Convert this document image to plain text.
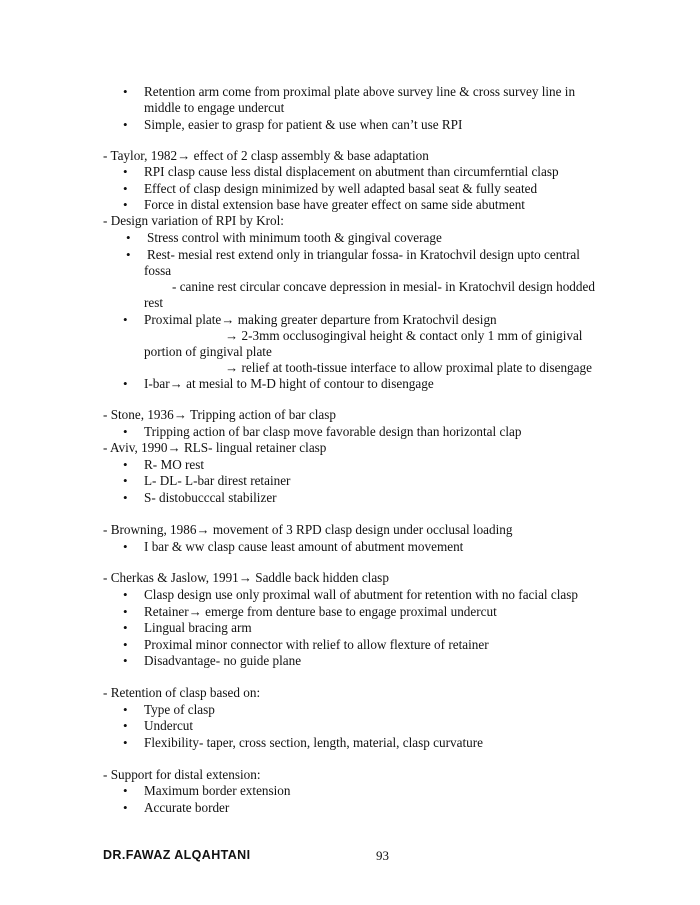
• Retention arm come from proximal plate above survey line & cross survey line in
middle to engage undercut
• Simple, easier to grasp for patient & use when can’t use RPI
- Taylor, 1982→ effect of 2 clasp assembly & base adaptation
• RPI clasp cause less distal displacement on abutment than circumferntial clasp
• Effect of clasp design minimized by well adapted basal seat & fully seated
• Force in distal extension base have greater effect on same side abutment
- Design variation of RPI by Krol:
• Stress control with minimum tooth & gingival coverage
• Rest- mesial rest extend only in triangular fossa- in Kratochvil design upto central
fossa
- canine rest circular concave depression in mesial- in Kratochvil design hodded
rest
• Proximal plate→ making greater departure from Kratochvil design
→ 2-3mm occlusogingival height & contact only 1 mm of ginigival
portion of gingival plate
→ relief at tooth-tissue interface to allow proximal plate to disengage
• I-bar→ at mesial to M-D hight of contour to disengage
- Stone, 1936→ Tripping action of bar clasp
• Tripping action of bar clasp move favorable design than horizontal clap
- Aviv, 1990→ RLS- lingual retainer clasp
• R- MO rest
• L- DL- L-bar direst retainer
• S- distobucccal stabilizer
- Browning, 1986→ movement of 3 RPD clasp design under occlusal loading
• I bar & ww clasp cause least amount of abutment movement
- Cherkas & Jaslow, 1991→ Saddle back hidden clasp
• Clasp design use only proximal wall of abutment for retention with no facial clasp
• Retainer→ emerge from denture base to engage proximal undercut
• Lingual bracing arm
• Proximal minor connector with relief to allow flexture of retainer
• Disadvantage- no guide plane
- Retention of clasp based on:
• Type of clasp
• Undercut
• Flexibility- taper, cross section, length, material, clasp curvature
- Support for distal extension:
• Maximum border extension
• Accurate border
DR.FAWAZ ALQAHTANI	93
